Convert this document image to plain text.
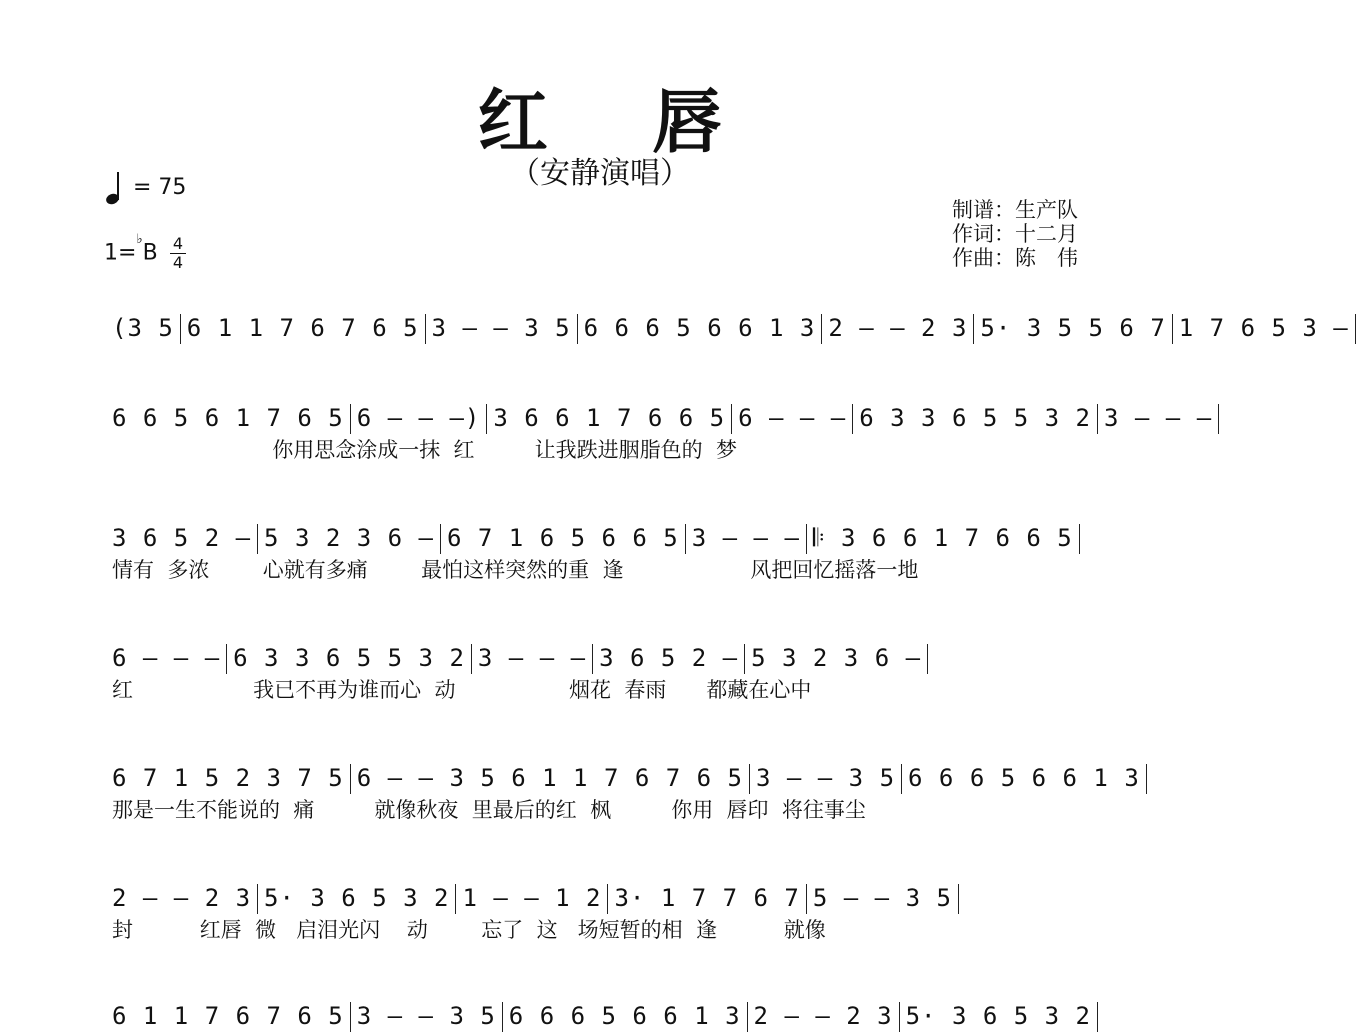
红 唇
（安静演唱）
= 75
1=♭B 4
4
制谱：生产队
作词：十二月
作曲：陈　伟
(3 5 6 1 1 7 6 7 6 5 3 – – 3 5 6 6 6 5 6 6 1 3 2 – – 2 3 5· 3 5 5 6 7 1 7 6 5 3 –
6 6 5 6 1 7 6 5 6 – – –) 3 6 6 1 7 6 6 5 6 – – – 6 3 3 6 5 5 3 2 3 – – –
你用思念涂成一抹  红         让我跌进胭脂色的  梦
3 6 5 2 – 5 3 2 3 6 – 6 7 1 6 5 6 6 5 3 – – – 𝄆 3 6 6 1 7 6 6 5
情有  多浓        心就有多痛        最怕这样突然的重  逢                   风把回忆摇落一地
6 – – – 6 3 3 6 5 5 3 2 3 – – – 3 6 5 2 – 5 3 2 3 6 –
红                  我已不再为谁而心  动                 烟花  春雨      都藏在心中
6 7 1 5 2 3 7 5 6 – – 3 5 6 1 1 7 6 7 6 5 3 – – 3 5 6 6 6 5 6 6 1 3
那是一生不能说的  痛         就像秋夜  里最后的红  枫         你用  唇印  将往事尘
2 – – 2 3 5· 3 6 5 3 2 1 – – 1 2 3· 1 7 7 6 7 5 – – 3 5
封          红唇  微   启泪光闪    动        忘了  这   场短暂的相  逢          就像
6 1 1 7 6 7 6 5 3 – – 3 5 6 6 6 5 6 6 1 3 2 – – 2 3 5· 3 6 5 3 2
